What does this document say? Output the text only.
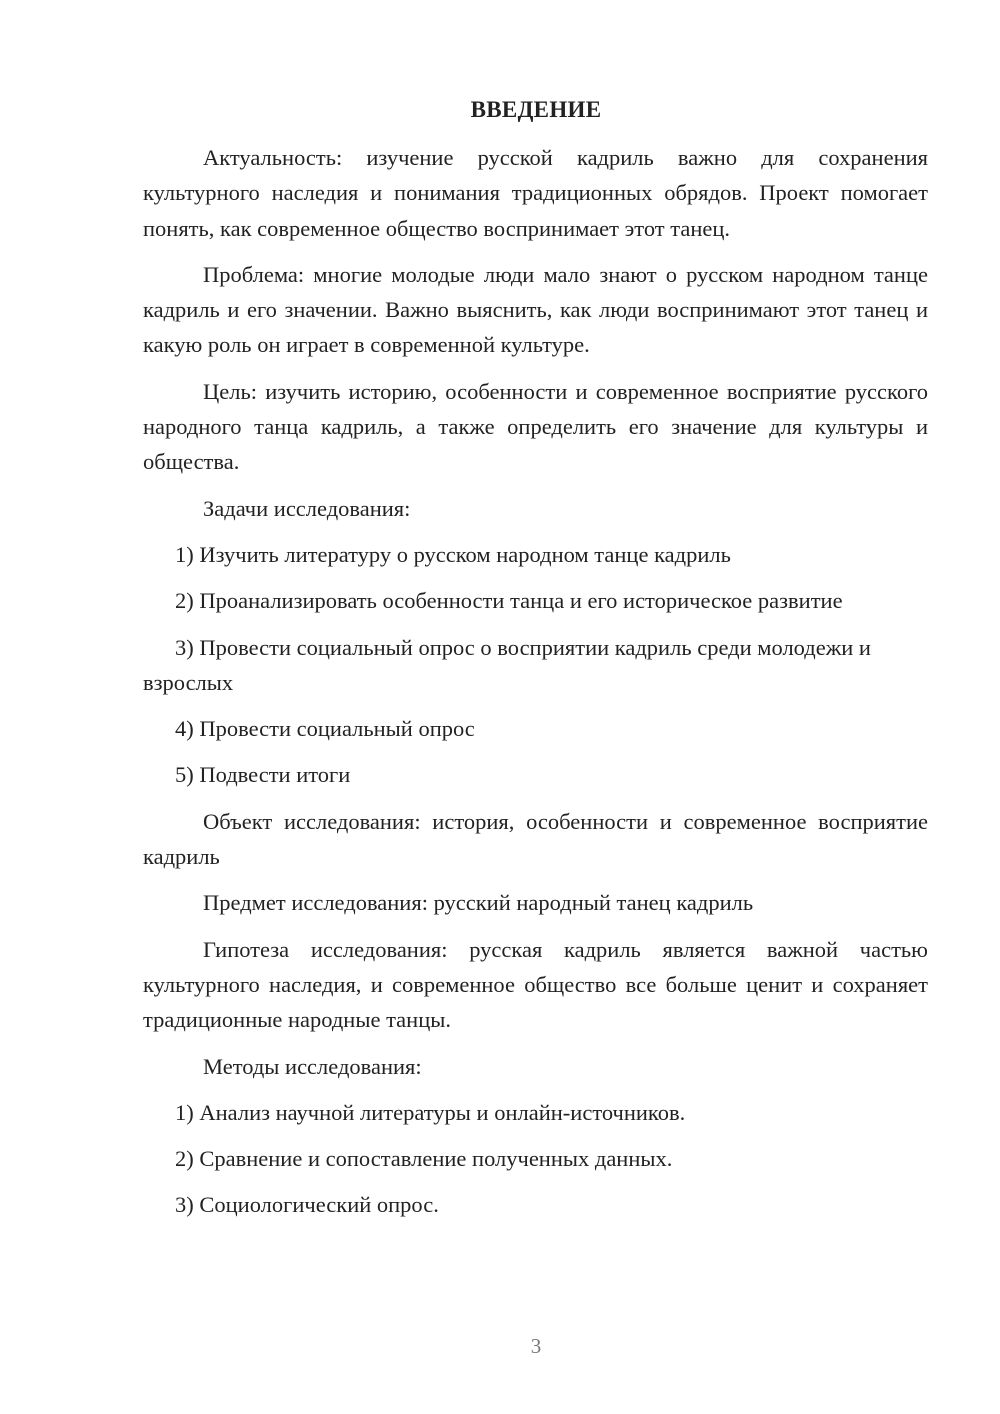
ВВЕДЕНИЕ

Актуальность: изучение русской кадриль важно для сохранения культурного наследия и понимания традиционных обрядов. Проект помогает понять, как современное общество воспринимает этот танец.

Проблема: многие молодые люди мало знают о русском народном танце кадриль и его значении. Важно выяснить, как люди воспринимают этот танец и какую роль он играет в современной культуре.

Цель: изучить историю, особенности и современное восприятие русского народного танца кадриль, а также определить его значение для культуры и общества.

Задачи исследования:

1) Изучить литературу о русском народном танце кадриль

2) Проанализировать особенности танца и его историческое развитие

3) Провести социальный опрос о восприятии кадриль среди молодежи и взрослых

4) Провести социальный опрос

5) Подвести итоги

Объект исследования: история, особенности и современное восприятие кадриль

Предмет исследования: русский народный танец кадриль

Гипотеза исследования: русская кадриль является важной частью культурного наследия, и современное общество все больше ценит и сохраняет традиционные народные танцы.

Методы исследования:

1) Анализ научной литературы и онлайн-источников.

2) Сравнение и сопоставление полученных данных.

3) Социологический опрос.

3
